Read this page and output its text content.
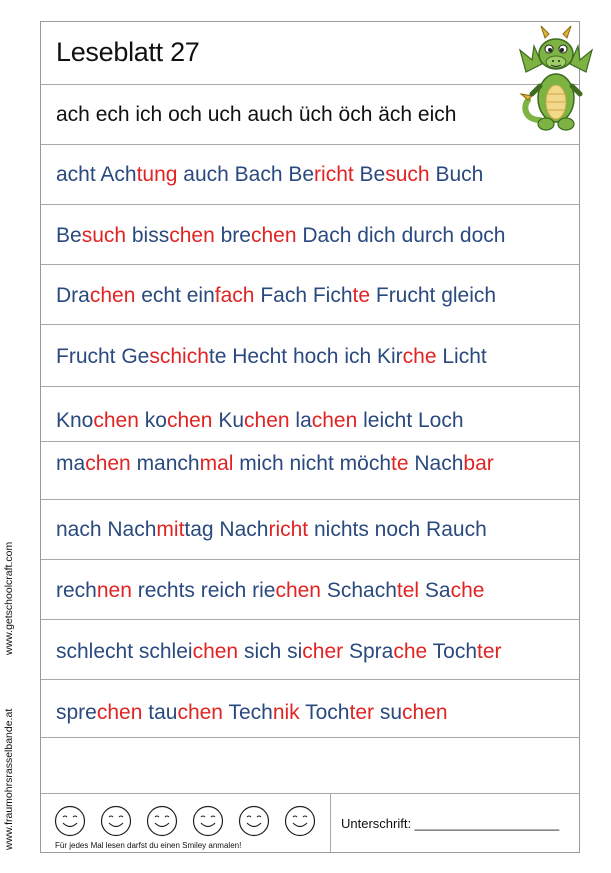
www.getschoolcraft.com
www.fraumohrsrasselbande.at
Leseblatt 27
ach ech ich och uch auch üch öch äch eich
acht Achtung auch Bach Bericht Besuch Buch
Besuch bisschen brechen Dach dich durch doch
Drachen echt einfach Fach Fichte Frucht gleich
Frucht Geschichte Hecht hoch ich Kirche Licht
Knochen kochen Kuchen lachen leicht Loch
machen manchmal mich nicht möchte Nachbar
nach Nachmittag Nachricht nichts noch Rauch
rechnen rechts reich riechen Schachtel Sache
schlecht schleichen sich sicher Sprache Tochter
sprechen tauchen Technik Tochter suchen
Für jedes Mal lesen darfst du einen Smiley anmalen!
Unterschrift: ____________________
